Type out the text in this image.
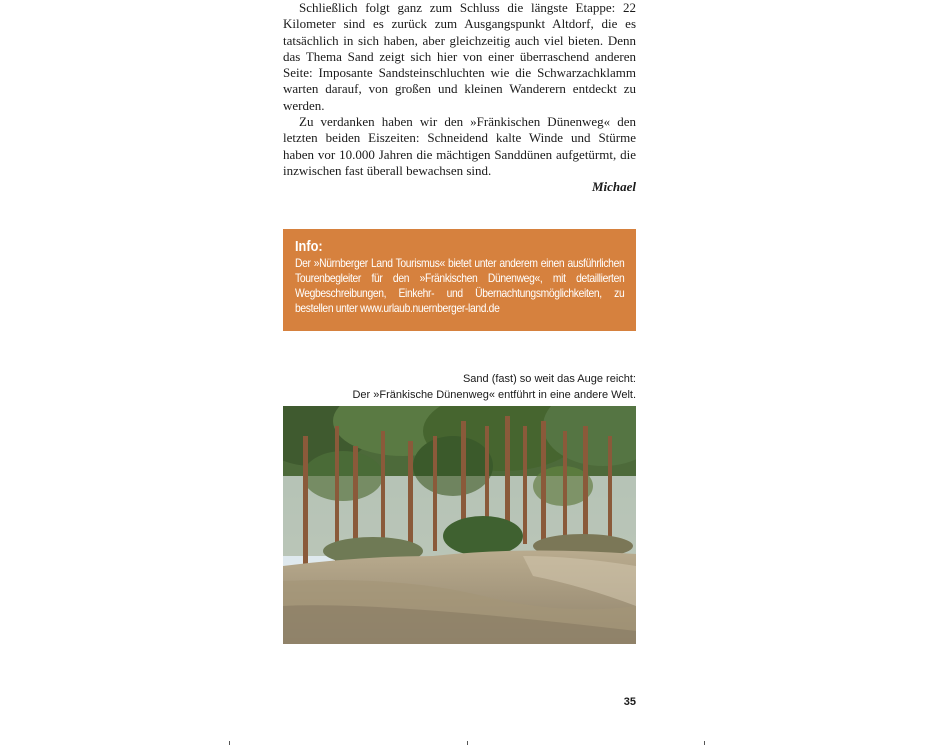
Schließlich folgt ganz zum Schluss die längste Etappe: 22 Kilometer sind es zurück zum Ausgangspunkt Altdorf, die es tatsächlich in sich haben, aber gleichzeitig auch viel bieten. Denn das Thema Sand zeigt sich hier von einer überraschend anderen Seite: Imposante Sandsteinschluchten wie die Schwarzachklamm warten darauf, von großen und kleinen Wanderern entdeckt zu werden.

Zu verdanken haben wir den »Fränkischen Dünenweg« den letzten beiden Eiszeiten: Schneidend kalte Winde und Stürme haben vor 10.000 Jahren die mächtigen Sanddünen aufgetürmt, die inzwischen fast überall bewachsen sind.

Michael
Info:
Der »Nürnberger Land Tourismus« bietet unter anderem einen ausführlichen Tourenbegleiter für den »Fränkischen Dünenweg«, mit detaillierten Wegbeschreibungen, Einkehr- und Übernachtungsmöglichkeiten, zu bestellen unter www.urlaub.nuernberger-land.de
Sand (fast) so weit das Auge reicht:
Der »Fränkische Dünenweg« entführt in eine andere Welt.
35
